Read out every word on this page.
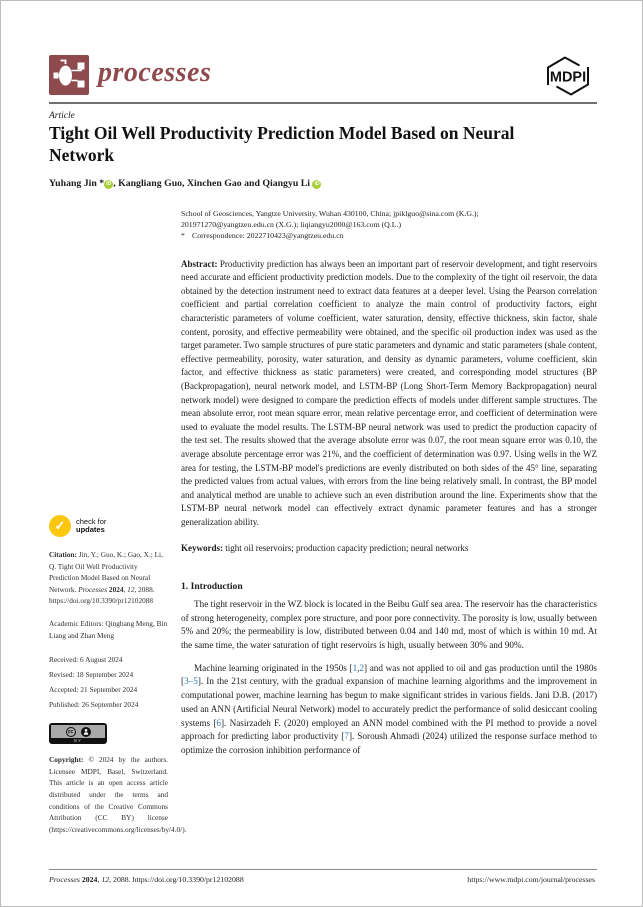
processes	MDPI
Article
Tight Oil Well Productivity Prediction Model Based on Neural Network
Yuhang Jin * iD , Kangliang Guo, Xinchen Gao and Qiangyu Li iD
✓	check for
updates
Citation: Jin, Y.; Guo, K.; Gao, X.; Li, Q. Tight Oil Well Productivity Prediction Model Based on Neural Network. Processes 2024, 12, 2088. https://doi.org/10.3390/pr12102088
Academic Editors: Qingbang Meng, Bin Liang and Zhan Meng
Received: 6 August 2024
Revised: 18 September 2024
Accepted: 21 September 2024
Published: 26 September 2024
cc
BY
Copyright: © 2024 by the authors. Licensee MDPI, Basel, Switzerland. This article is an open access article distributed under the terms and conditions of the Creative Commons Attribution (CC BY) license (https://creativecommons.org/licenses/by/4.0/).
School of Geosciences, Yangtze University, Wuhan 430100, China; jpiklguo@sina.com (K.G.);
201971270@yangtzeu.edu.cn (X.G.); liqiangyu2000@163.com (Q.L.)
* Correspondence: 2022710423@yangtzeu.edu.cn
Abstract: Productivity prediction has always been an important part of reservoir development, and tight reservoirs need accurate and efficient productivity prediction models. Due to the complexity of the tight oil reservoir, the data obtained by the detection instrument need to extract data features at a deeper level. Using the Pearson correlation coefficient and partial correlation coefficient to analyze the main control of productivity factors, eight characteristic parameters of volume coefficient, water saturation, density, effective thickness, skin factor, shale content, porosity, and effective permeability were obtained, and the specific oil production index was used as the target parameter. Two sample structures of pure static parameters and dynamic and static parameters (shale content, effective permeability, porosity, water saturation, and density as dynamic parameters, volume coefficient, skin factor, and effective thickness as static parameters) were created, and corresponding model structures (BP (Backpropagation), neural network model, and LSTM-BP (Long Short-Term Memory Backpropagation) neural network model) were designed to compare the prediction effects of models under different sample structures. The mean absolute error, root mean square error, mean relative percentage error, and coefficient of determination were used to evaluate the model results. The LSTM-BP neural network was used to predict the production capacity of the test set. The results showed that the average absolute error was 0.07, the root mean square error was 0.10, the average absolute percentage error was 21%, and the coefficient of determination was 0.97. Using wells in the WZ area for testing, the LSTM-BP model's predictions are evenly distributed on both sides of the 45° line, separating the predicted values from actual values, with errors from the line being relatively small. In contrast, the BP model and analytical method are unable to achieve such an even distribution around the line. Experiments show that the LSTM-BP neural network model can effectively extract dynamic parameter features and has a stronger generalization ability.
Keywords: tight oil reservoirs; production capacity prediction; neural networks
1. Introduction

The tight reservoir in the WZ block is located in the Beibu Gulf sea area. The reservoir has the characteristics of strong heterogeneity, complex pore structure, and poor pore connectivity. The porosity is low, usually between 5% and 20%; the permeability is low, distributed between 0.04 and 140 md, most of which is within 10 md. At the same time, the water saturation of tight reservoirs is high, usually between 30% and 90%.

Machine learning originated in the 1950s [1,2] and was not applied to oil and gas production until the 1980s [3–5]. In the 21st century, with the gradual expansion of machine learning algorithms and the improvement in computational power, machine learning has begun to make significant strides in various fields. Jani D.B. (2017) used an ANN (Artificial Neural Network) model to accurately predict the performance of solid desiccant cooling systems [6]. Nasirzadeh F. (2020) employed an ANN model combined with the PI method to provide a novel approach for predicting labor productivity [7]. Soroush Ahmadi (2024) utilized the response surface method to optimize the corrosion inhibition performance of

Processes 2024, 12, 2088. https://doi.org/10.3390/pr12102088	https://www.mdpi.com/journal/processes
